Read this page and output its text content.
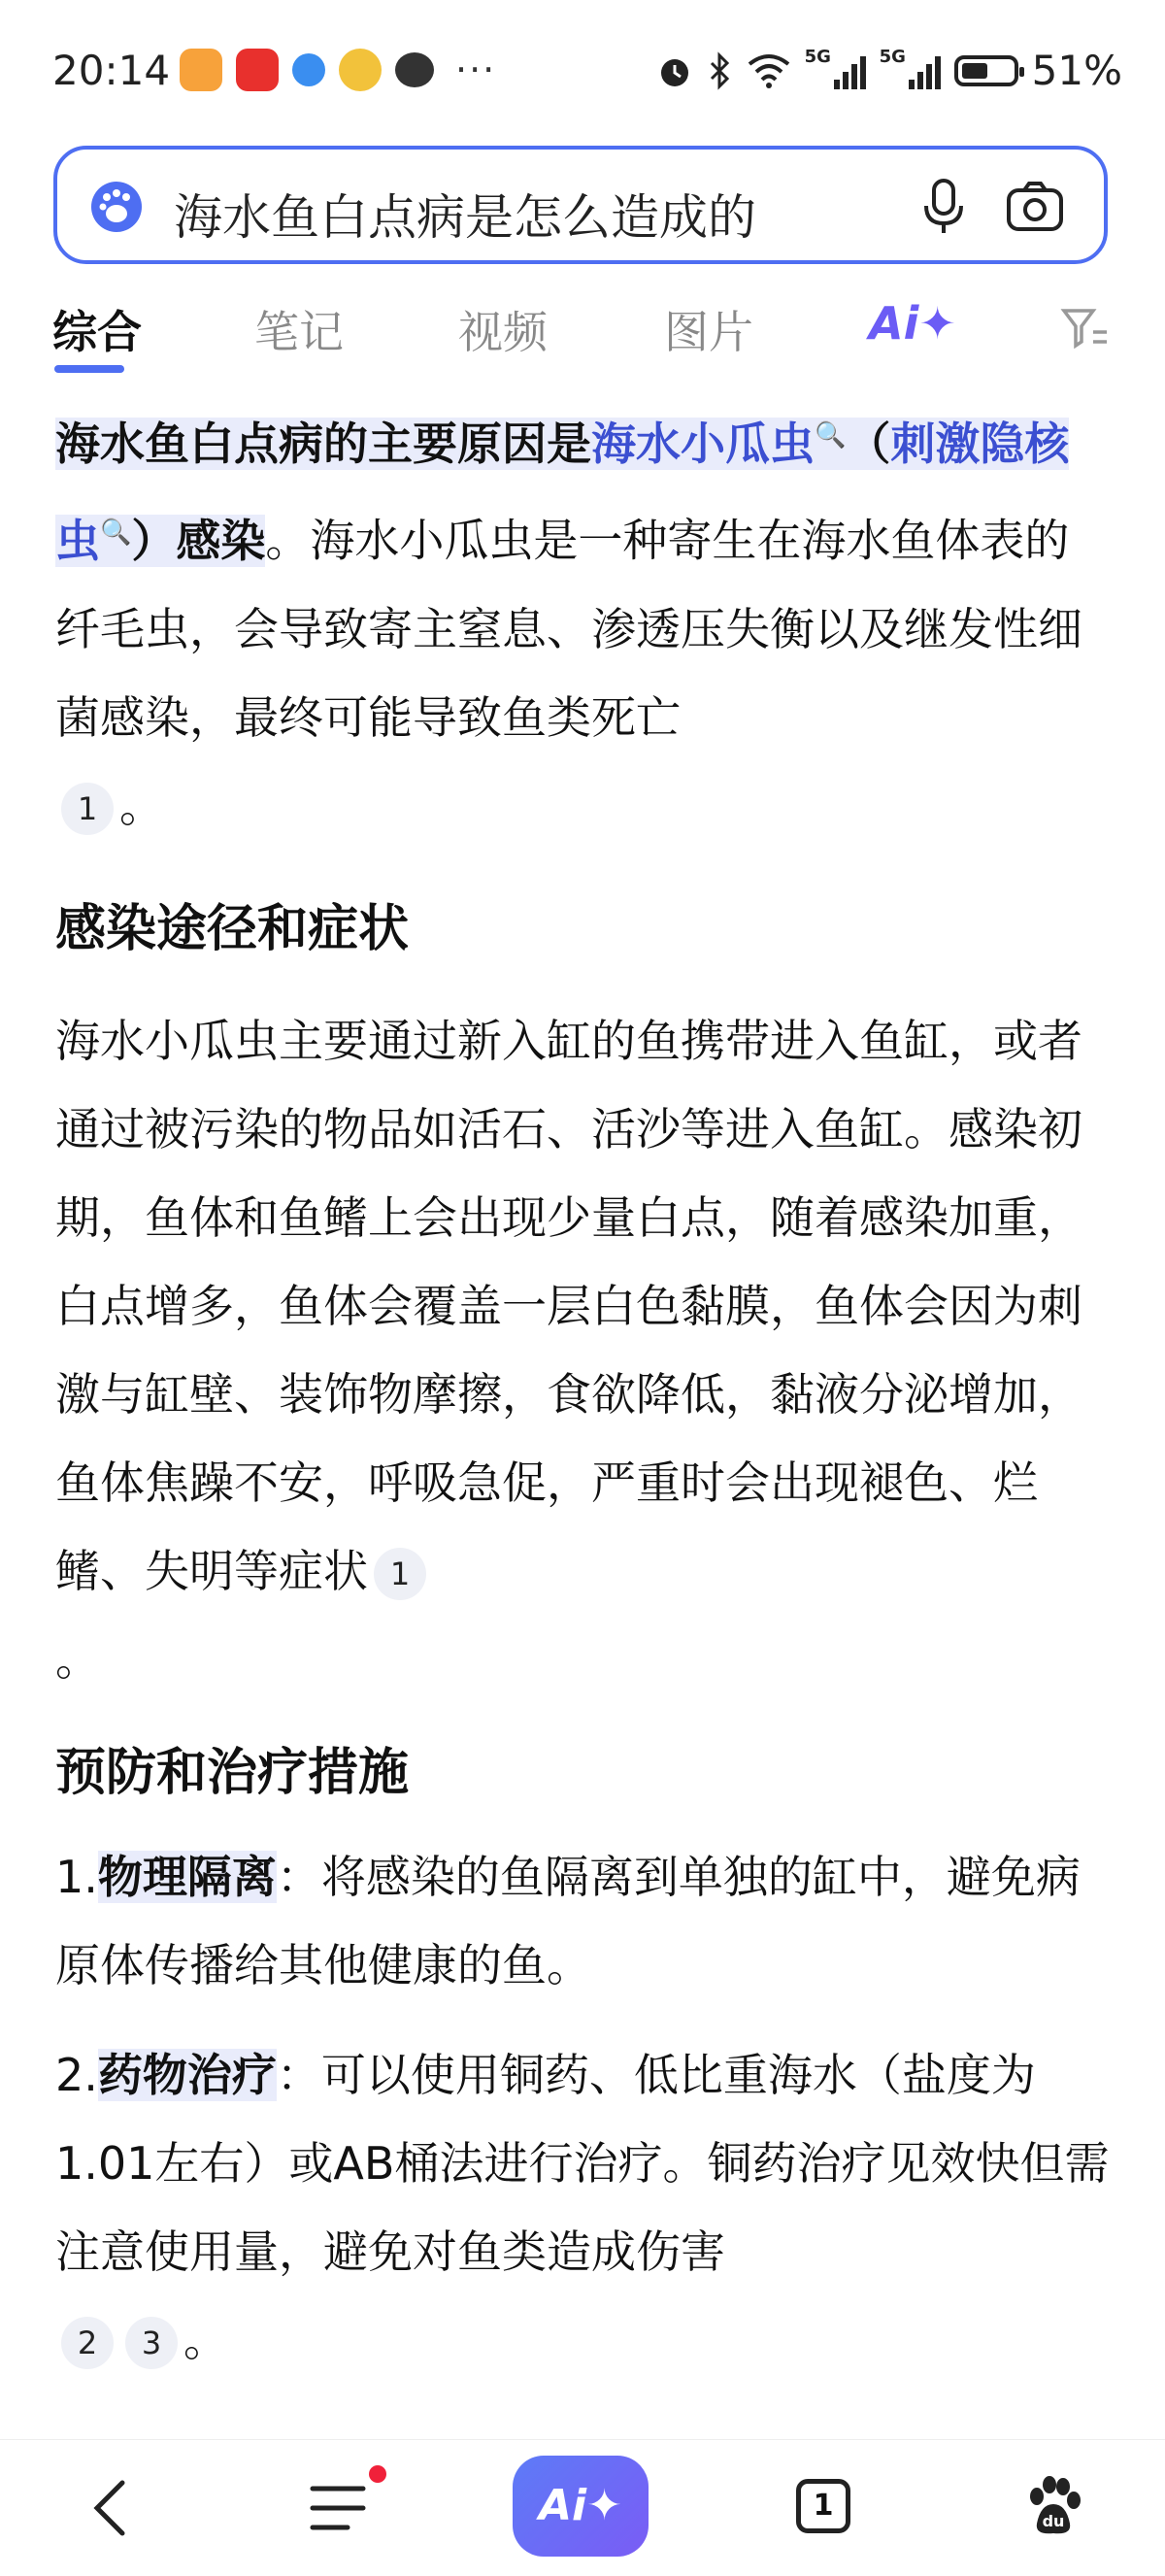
20:14	···	5G	5G	51%
海水鱼白点病是怎么造成的
综合	笔记	视频	图片	Ai✦

海水鱼白点病的主要原因是海水小瓜虫🔍（刺激隐核虫🔍）感染。海水小瓜虫是一种寄生在海水鱼体表的纤毛虫，会导致寄主窒息、渗透压失衡以及继发性细菌感染，最终可能导致鱼类死亡
1 。

感染途径和症状

海水小瓜虫主要通过新入缸的鱼携带进入鱼缸，或者通过被污染的物品如活石、活沙等进入鱼缸。感染初期，鱼体和鱼鳍上会出现少量白点，随着感染加重，白点增多，鱼体会覆盖一层白色黏膜，鱼体会因为刺激与缸壁、装饰物摩擦，食欲降低，黏液分泌增加，鱼体焦躁不安，呼吸急促，严重时会出现褪色、烂鳍、失明等症状 1
。

预防和治疗措施

1.物理隔离：将感染的鱼隔离到单独的缸中，避免病原体传播给其他健康的鱼。

2.药物治疗：可以使用铜药、低比重海水（盐度为1.01左右）或AB桶法进行治疗。铜药治疗见效快但需注意使用量，避免对鱼类造成伤害
2 3 。

Ai✦	1	du
